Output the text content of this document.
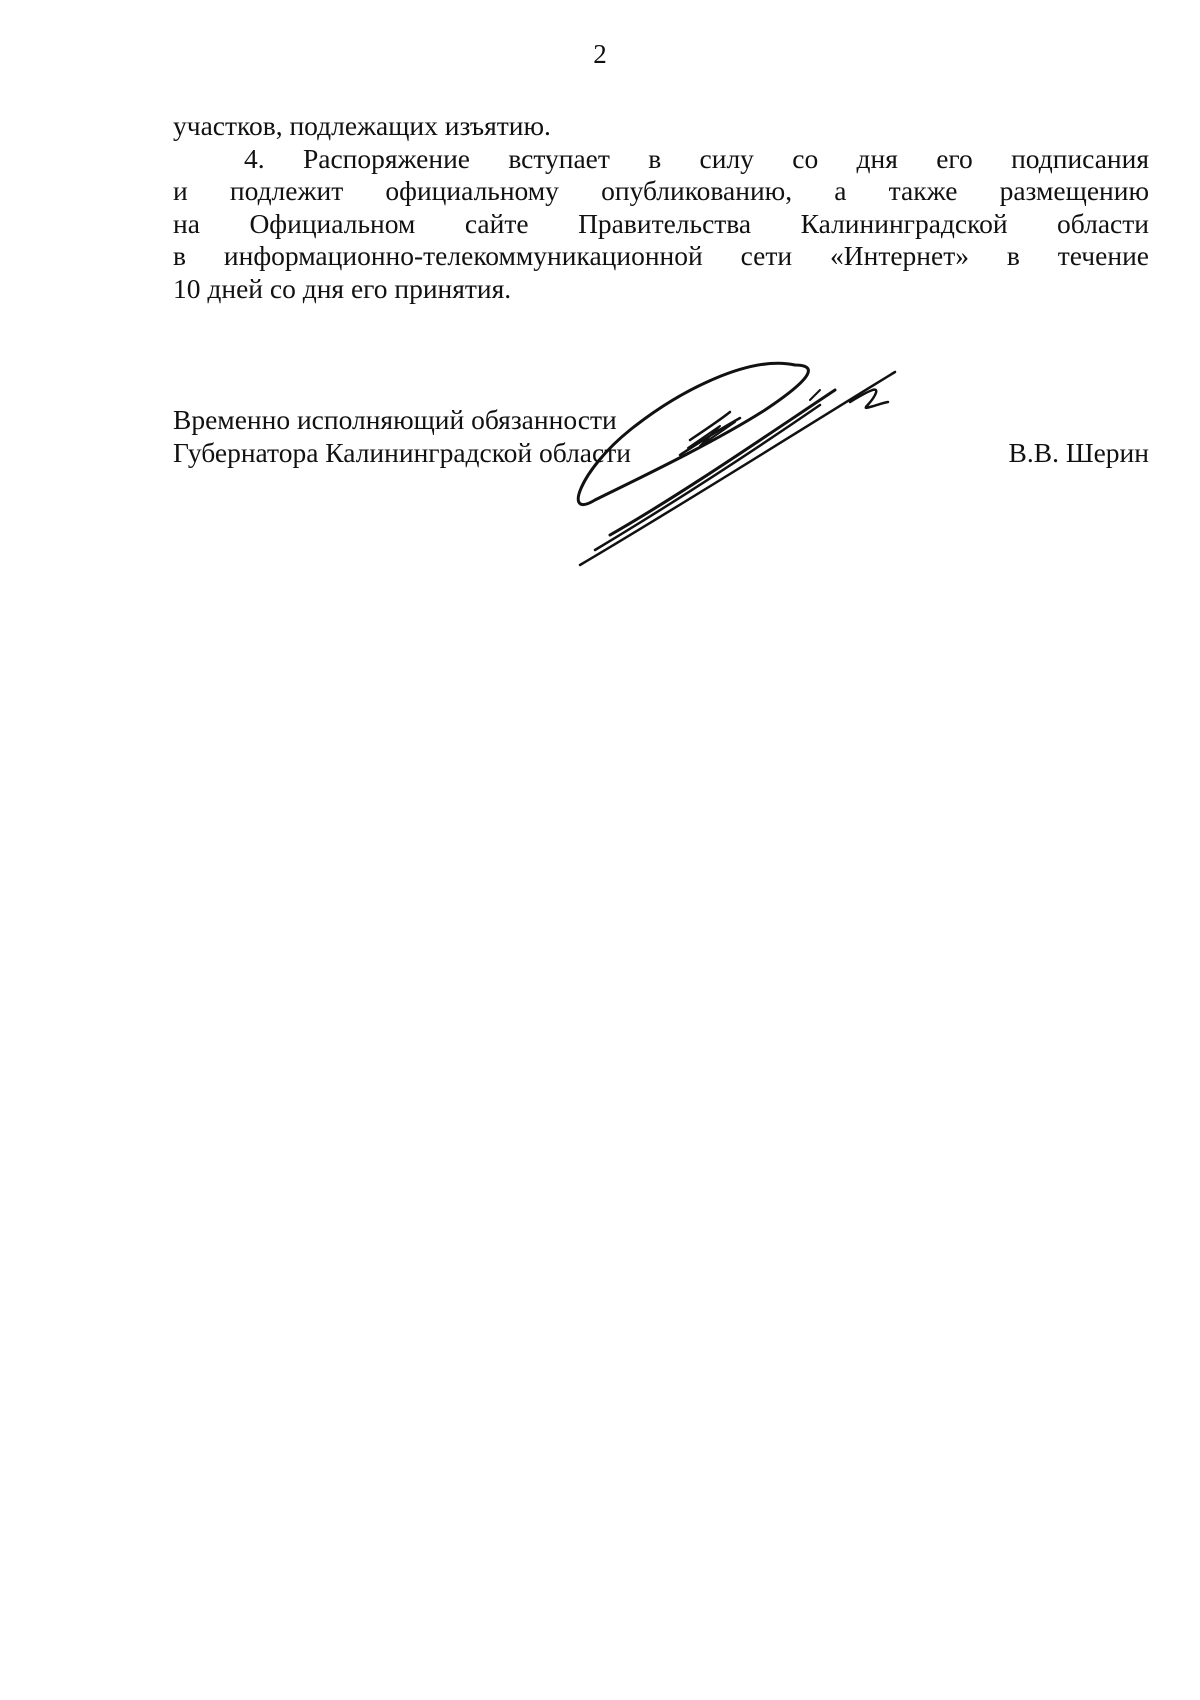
2
участков, подлежащих изъятию.
4. Распоряжение вступает в силу со дня его подписания
и подлежит официальному опубликованию, а также размещению
на Официальном сайте Правительства Калининградской области
в информационно-телекоммуникационной сети «Интернет» в течение
10 дней со дня его принятия.
Временно исполняющий обязанности
Губернатора Калининградской области	В.В. Шерин
